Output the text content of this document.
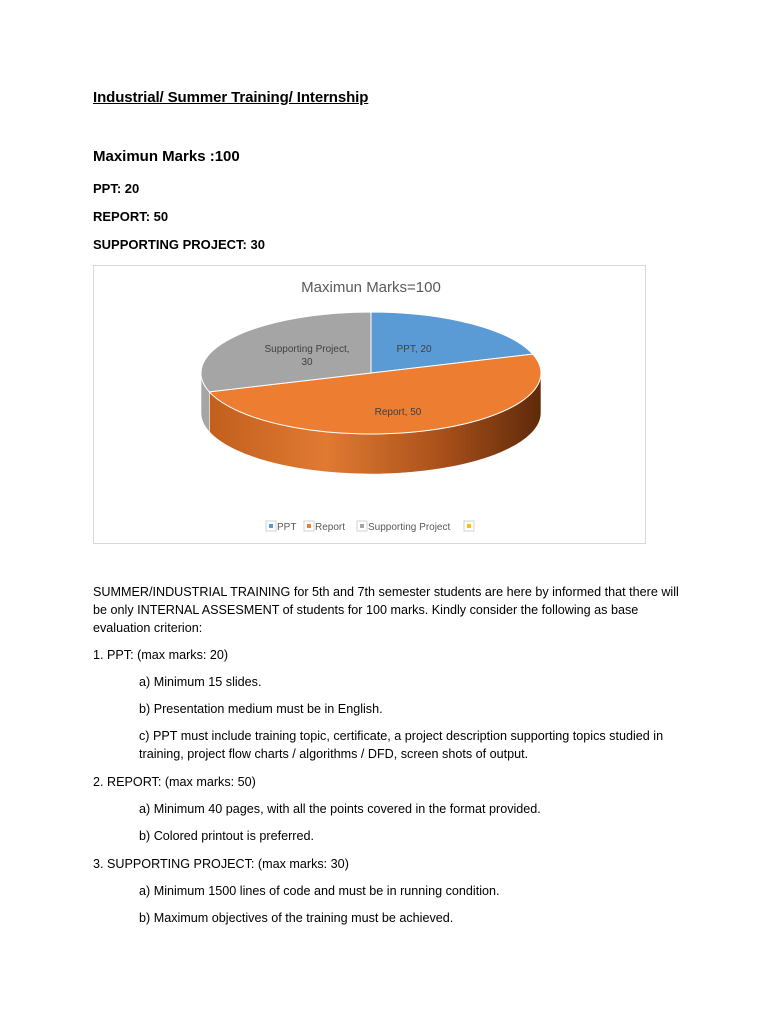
Industrial/ Summer Training/ Internship
Maximun Marks :100
PPT: 20
REPORT: 50
SUPPORTING PROJECT: 30
Maximun Marks=100
PPT, 20
Report, 50
Supporting Project, 30
PPT Report Supporting Project
SUMMER/INDUSTRIAL TRAINING for 5th and 7th semester students are here by informed that there will be only INTERNAL ASSESMENT of students for 100 marks. Kindly consider the following as base evaluation criterion:
1. PPT: (max marks: 20)
a) Minimum 15 slides.
b) Presentation medium must be in English.
c) PPT must include training topic, certificate, a project description supporting topics studied in training, project flow charts / algorithms / DFD, screen shots of output.
2. REPORT: (max marks: 50)
a) Minimum 40 pages, with all the points covered in the format provided.
b) Colored printout is preferred.
3. SUPPORTING PROJECT: (max marks: 30)
a) Minimum 1500 lines of code and must be in running condition.
b) Maximum objectives of the training must be achieved.
